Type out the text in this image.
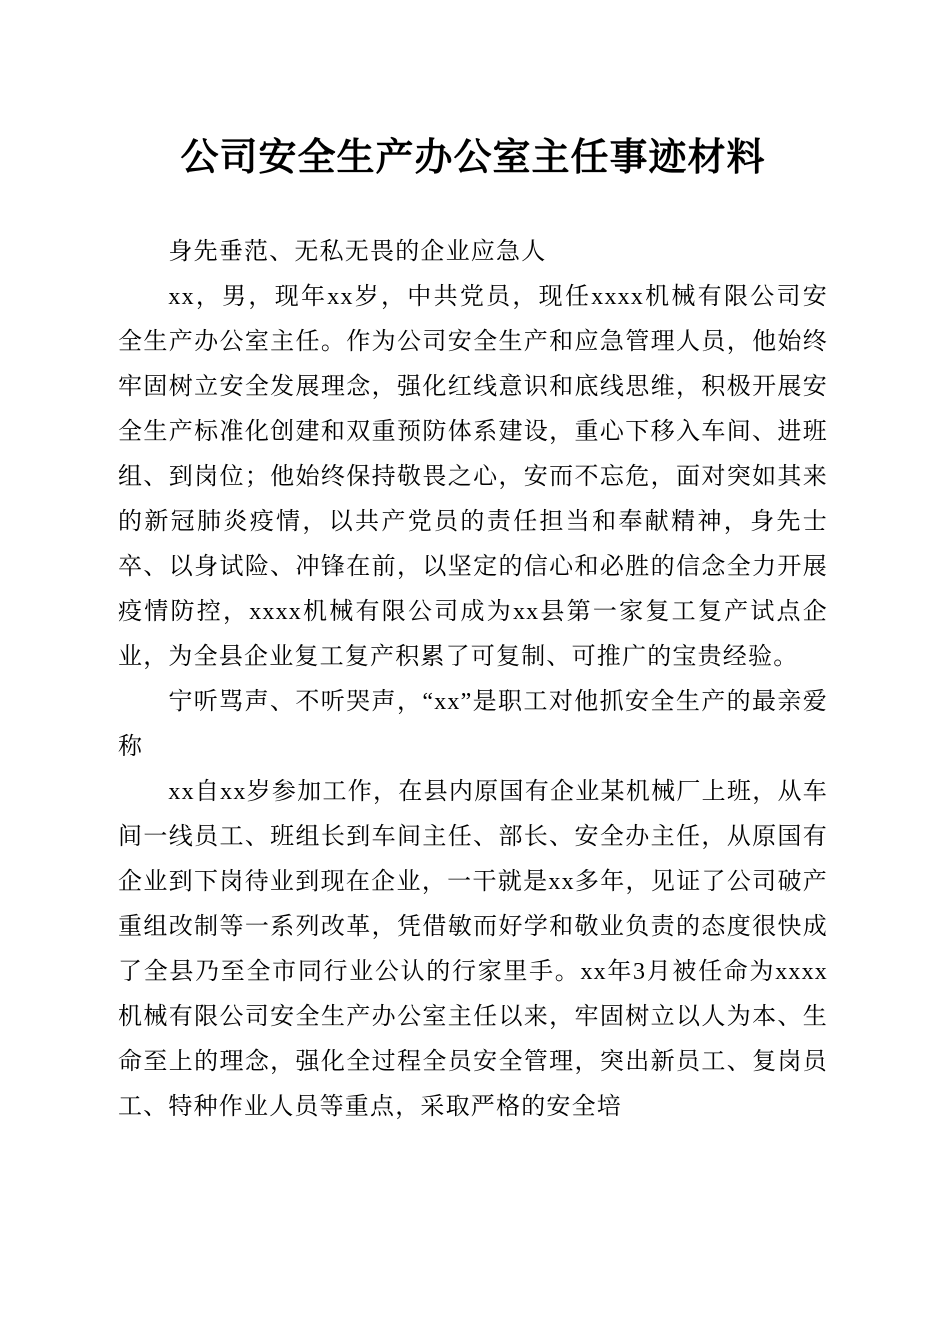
公司安全生产办公室主任事迹材料

身先垂范、无私无畏的企业应急人

xx，男，现年xx岁，中共党员，现任xxxx机械有限公司安全生产办公室主任。作为公司安全生产和应急管理人员，他始终牢固树立安全发展理念，强化红线意识和底线思维，积极开展安全生产标准化创建和双重预防体系建设，重心下移入车间、进班组、到岗位；他始终保持敬畏之心，安而不忘危，面对突如其来的新冠肺炎疫情，以共产党员的责任担当和奉献精神，身先士卒、以身试险、冲锋在前，以坚定的信心和必胜的信念全力开展疫情防控，xxxx机械有限公司成为xx县第一家复工复产试点企业，为全县企业复工复产积累了可复制、可推广的宝贵经验。

宁听骂声、不听哭声，“xx”是职工对他抓安全生产的最亲爱称

xx自xx岁参加工作，在县内原国有企业某机械厂上班，从车间一线员工、班组长到车间主任、部长、安全办主任，从原国有企业到下岗待业到现在企业，一干就是xx多年，见证了公司破产重组改制等一系列改革，凭借敏而好学和敬业负责的态度很快成了全县乃至全市同行业公认的行家里手。xx年3月被任命为xxxx机械有限公司安全生产办公室主任以来，牢固树立以人为本、生命至上的理念，强化全过程全员安全管理，突出新员工、复岗员工、特种作业人员等重点，采取严格的安全培
